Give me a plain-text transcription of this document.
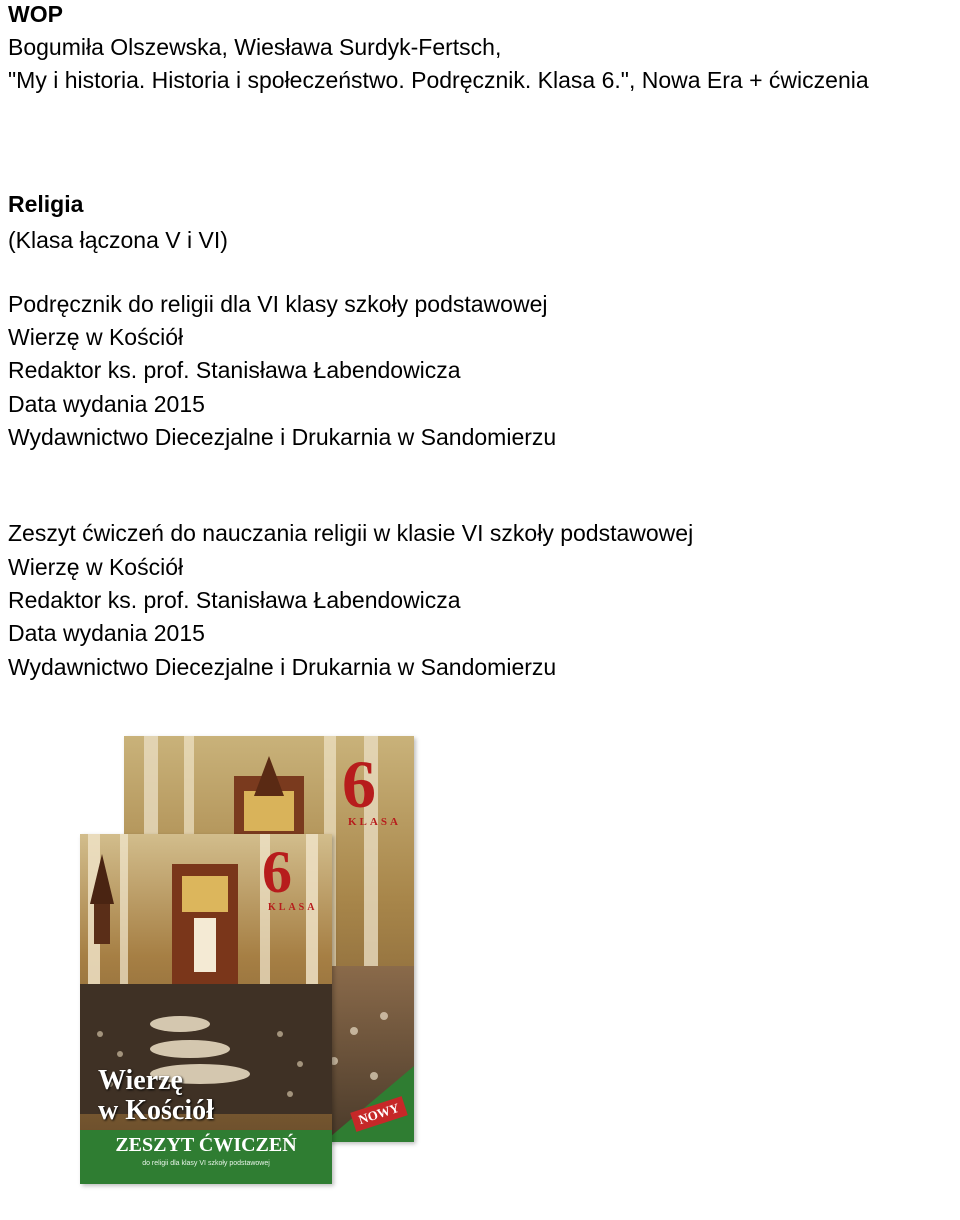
WOP
Bogumiła Olszewska, Wiesława Surdyk-Fertsch,
"My i historia. Historia i społeczeństwo. Podręcznik. Klasa 6.", Nowa Era + ćwiczenia
Religia
(Klasa łączona V i VI)
Podręcznik do religii dla VI klasy szkoły podstawowej
Wierzę w Kościół
Redaktor ks. prof. Stanisława Łabendowicza
Data wydania 2015
Wydawnictwo Diecezjalne i Drukarnia w Sandomierzu
Zeszyt ćwiczeń do nauczania religii w klasie VI szkoły podstawowej
Wierzę w Kościół
Redaktor ks. prof. Stanisława Łabendowicza
Data wydania 2015
Wydawnictwo Diecezjalne i Drukarnia w Sandomierzu
6
KLASA
NOWY
6
KLASA
Wierzę
w Kościół
ZESZYT ĆWICZEŃ
do religii dla klasy VI szkoły podstawowej
